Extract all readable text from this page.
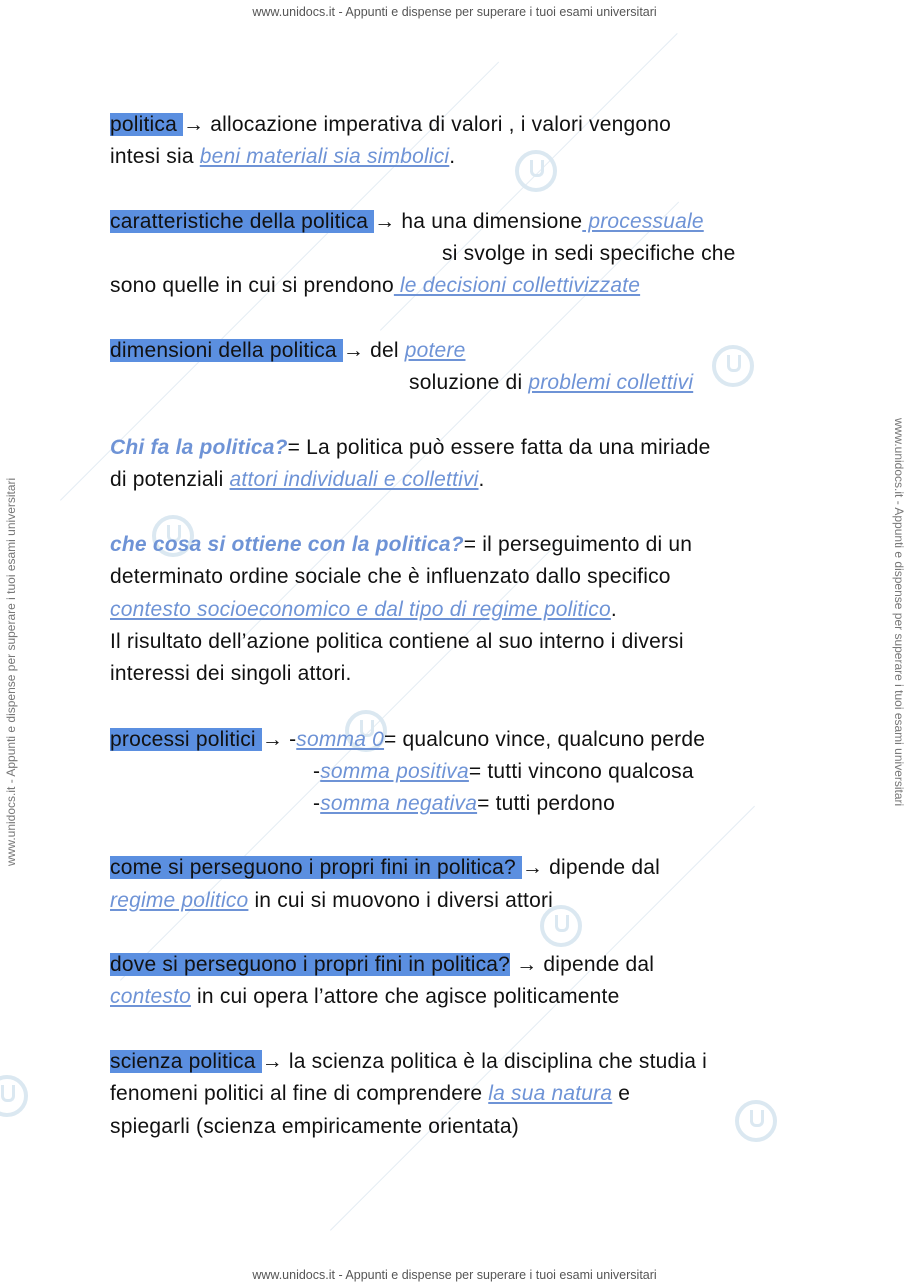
www.unidocs.it - Appunti e dispense per superare i tuoi esami universitari
www.unidocs.it - Appunti e dispense per superare i tuoi esami universitari
www.unidocs.it - Appunti e dispense per superare i tuoi esami universitari	www.unidocs.it - Appunti e dispense per superare i tuoi esami universitari
politica → allocazione imperativa di valori , i valori vengono
intesi sia beni materiali sia simbolici.
caratteristiche della politica → ha una dimensione processuale
si svolge in sedi specifiche che
sono quelle in cui si prendono le decisioni collettivizzate
dimensioni della politica → del potere
soluzione di problemi collettivi
Chi fa la politica?= La politica può essere fatta da una miriade
di potenziali attori individuali e collettivi.
che cosa si ottiene con la politica?= il perseguimento di un
determinato ordine sociale che è influenzato dallo specifico
contesto socioeconomico e dal tipo di regime politico.
Il risultato dell’azione politica contiene al suo interno i diversi
interessi dei singoli attori.
processi politici → -somma 0= qualcuno vince, qualcuno perde
-somma positiva= tutti vincono qualcosa
-somma negativa= tutti perdono
come si perseguono i propri fini in politica? → dipende dal
regime politico in cui si muovono i diversi attori
dove si perseguono i propri fini in politica? → dipende dal
contesto in cui opera l’attore che agisce politicamente
scienza politica → la scienza politica è la disciplina che studia i
fenomeni politici al fine di comprendere la sua natura e
spiegarli (scienza empiricamente orientata)
